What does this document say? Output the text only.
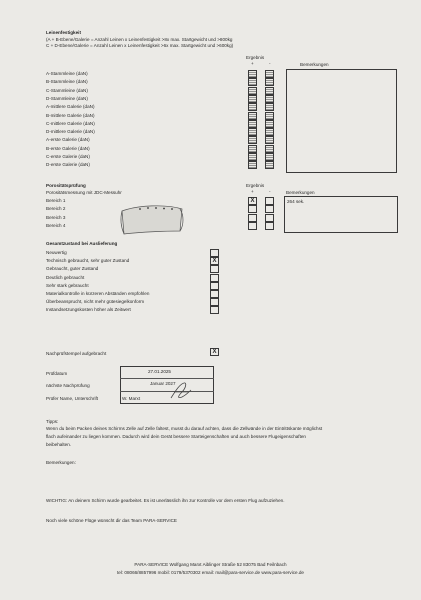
Leinenfestigkeit
(A + B-Ebene/Galerie = Anzahl Leinen x Leinenfestigkeit >8x max. Startgewicht und >800kg
C + D-Ebene/Galerie = Anzahl Leinen x Leinenfestigkeit >6x max. Startgewicht und >600kg)
Ergebnis
+	-	Bemerkungen
A-Stammleine (daN)
B-Stammleine (daN)
C-Stammleine (daN)
D-Stammleine (daN)
A-mittlere Galerie (daN)
B-mittlere Galerie (daN)
C-mittlere Galerie (daN)
D-mittlere Galerie (daN)
A-erste Galerie (daN)
B-erste Galerie (daN)
C-erste Galerie (daN)
D-erste Galerie (daN)
Porositätsprüfung
Porositätsmessung mit JDC-Messuhr
Ergebnis
+	-	Bemerkungen
Bereich 1	X
Bereich 2
Bereich 3
Bereich 4
264 sek.
Gesamtzustand bei Auslieferung
Neuwertig
Technisch gebraucht, sehr guter Zustand	X
Gebraucht, guter Zustand
Deutlich gebraucht
Sehr stark gebraucht
Materialkontrolle in kürzeren Abständen empfohlen
Überbeansprucht, nicht mehr gütesiegelkonform
Instandsetzungskosten höher als Zeitwert
Nachprüfstempel aufgebracht	X
Prüfdatum	27.01.2025
nächste Nachprüfung	Januar 2027
Prüfer Name, Unterschrift	W. Marxt
Tipps:
Wenn du beim Packen deines Schirms Zelle auf Zelle faltest, musst du darauf achten, dass die Zellwände in der Eintrittskante möglichst
flach aufeinander zu liegen kommen. Dadurch wird dein Gerät bessere Starteigenschaften und auch bessere Flugeigenschaften
beibehalten.
Bemerkungen:
WICHTIG: An deinem Schirm wurde gearbeitet. Es ist unerlässlich ihn zur Kontrolle vor dem ersten Flug aufzuziehen.
Noch viele schöne Flüge wünscht dir das Team PARA-SERVICE
PARA-SERVICE Wolfgang Marxt Aiblinger Straße 52 83075 Bad Feilnbach
tel: 08066/8857996 mobil: 0179/5370302 email: mail@para-service.de www.para-service.de
